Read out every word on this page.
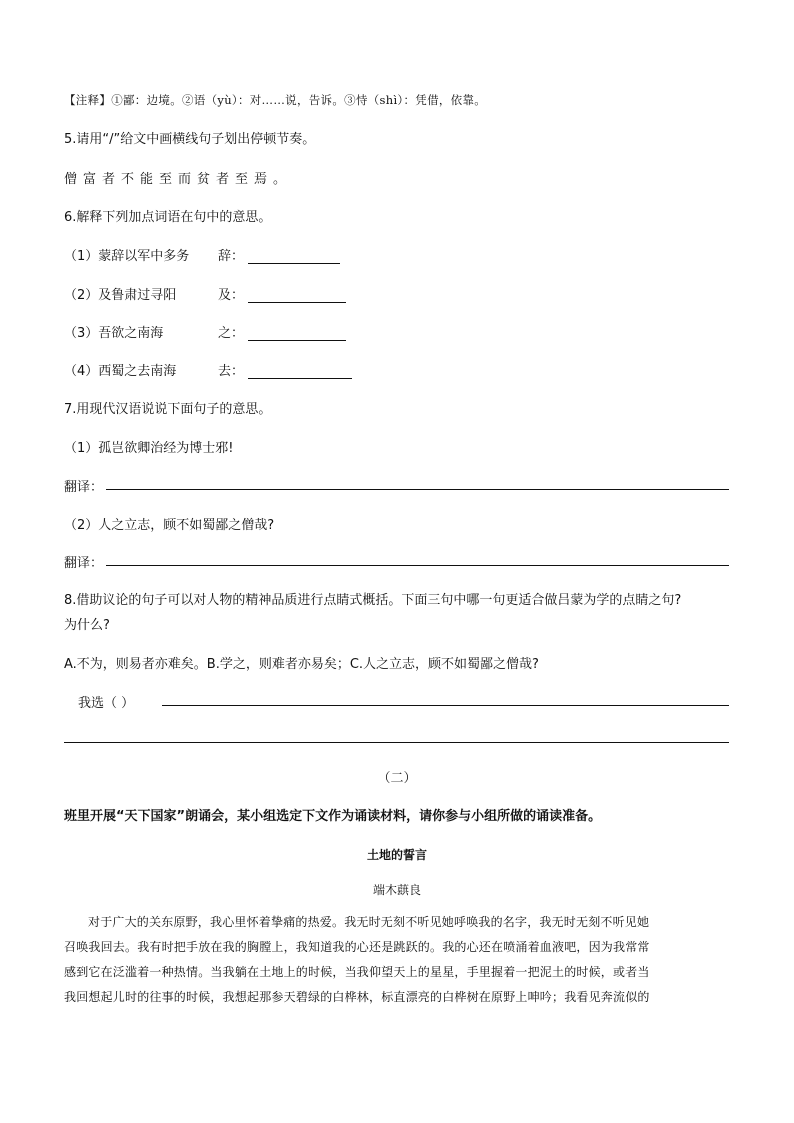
【注释】①鄙：边境。②语（yù）：对……说，告诉。③恃（shì）：凭借，依靠。
5.请用“/”给文中画横线句子划出停顿节奏。
僧富者不能至而贫者至焉。
6.解释下列加点词语在句中的意思。
（1）蒙辞以军中多务 辞：
（2）及鲁肃过寻阳	及：
（3）吾欲之南海	之：
（4）西蜀之去南海	去：
7.用现代汉语说说下面句子的意思。
（1）孤岂欲卿治经为博士邪!
翻译：
（2）人之立志，顾不如蜀鄙之僧哉?
翻译：
8.借助议论的句子可以对人物的精神品质进行点睛式概括。下面三句中哪一句更适合做吕蒙为学的点睛之句?
为什么?
A.不为，则易者亦难矣。B.学之，则难者亦易矣；C.人之立志，顾不如蜀鄙之僧哉?
我选（ ）
（二）
班里开展“天下国家”朗诵会，某小组选定下文作为诵读材料，请你参与小组所做的诵读准备。
土地的誓言
端木蕻良
对于广大的关东原野，我心里怀着挚痛的热爱。我无时无刻不听见她呼唤我的名字，我无时无刻不听见她
召唤我回去。我有时把手放在我的胸膛上，我知道我的心还是跳跃的。我的心还在喷涌着血液吧，因为我常常
感到它在泛滥着一种热情。当我躺在土地上的时候，当我仰望天上的星星，手里握着一把泥土的时候，或者当
我回想起儿时的往事的时候，我想起那参天碧绿的白桦林，标直漂亮的白桦树在原野上呻吟；我看见奔流似的
